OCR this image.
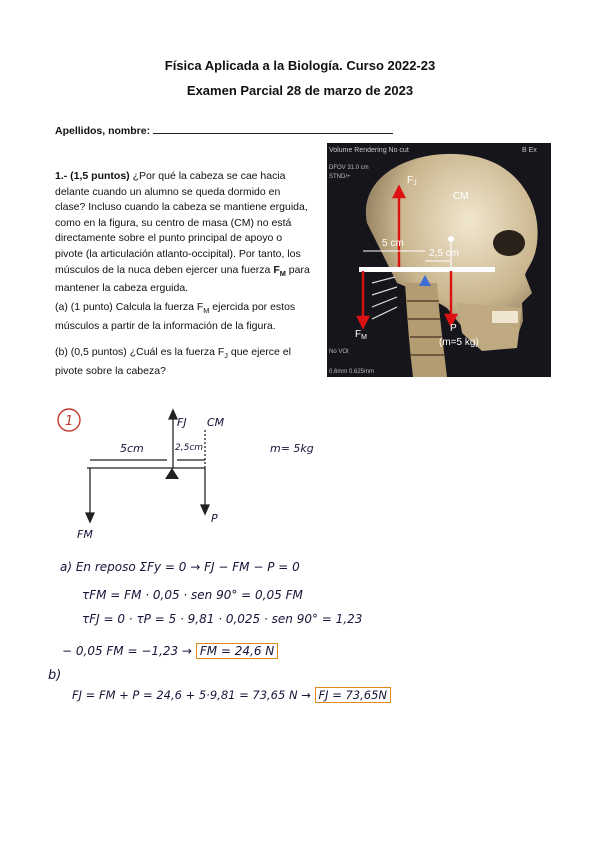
Física Aplicada a la Biología. Curso 2022-23
Examen Parcial 28 de marzo de 2023
Apellidos, nombre:
1.- (1,5 puntos) ¿Por qué la cabeza se cae hacia delante cuando un alumno se queda dormido en clase? Incluso cuando la cabeza se mantiene erguida, como en la figura, su centro de masa (CM) no está directamente sobre el punto principal de apoyo o pivote (la articulación atlanto-occipital). Por tanto, los músculos de la nuca deben ejercer una fuerza $F_M$ para mantener la cabeza erguida.
(a) (1 punto) Calcula la fuerza $F_M$ ejercida por estos músculos a partir de la información de la figura.
(b) (0,5 puntos) ¿Cuál es la fuerza $F_J$ que ejerce el pivote sobre la cabeza?
Volume Rendering No cut	B Ex
DFOV 31.0 cm
STND/+
No VOI
0.6mm 0.625mm
$F_J$
CM
5 cm
2,5 cm
$F_M$
P
(m=5 kg)
1	FJ CM
5cm	2,5cm
FM
P
m= 5kg
a) En reposo ΣFy = 0 → FJ − FM − P = 0
τFM = FM · 0,05 · sen 90° = 0,05 FM
τFJ = 0 · τP = 5 · 9,81 · 0,025 · sen 90° = 1,23
− 0,05 FM = −1,23 → FM = 24,6 N
b)
FJ = FM + P = 24,6 + 5·9,81 = 73,65 N → FJ = 73,65N
